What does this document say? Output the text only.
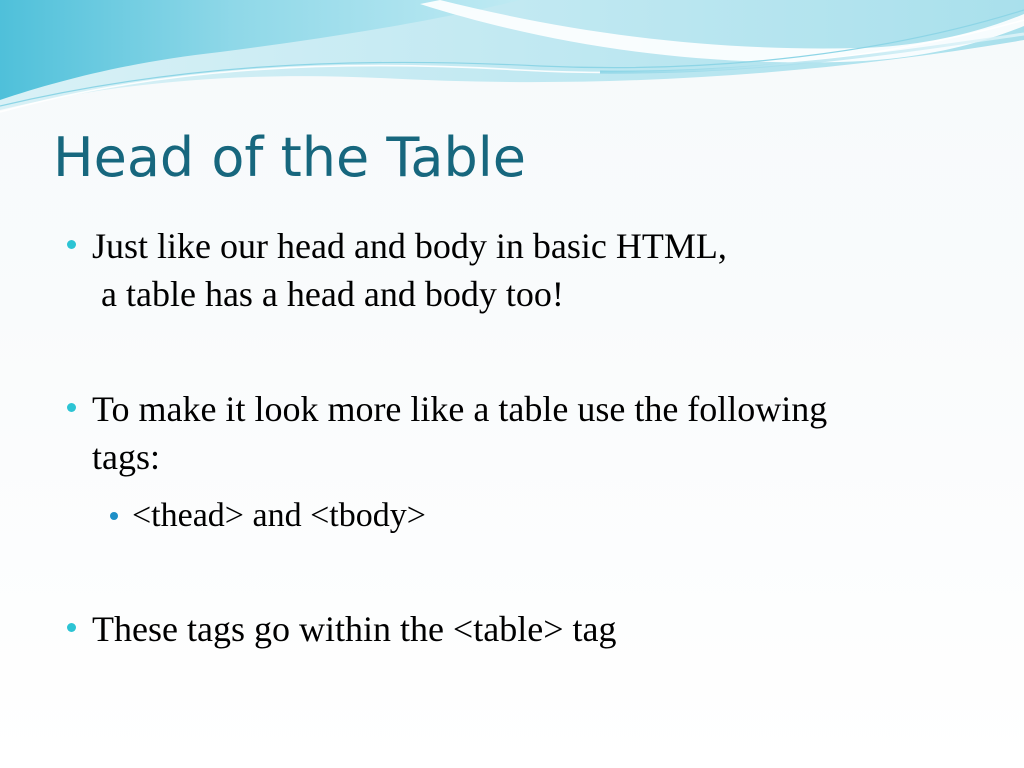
Head of the Table

Just like our head and body in basic HTML,

a table has a head and body too!

To make it look more like a table use the following

tags:

<thead> and <tbody>

These tags go within the <table> tag
